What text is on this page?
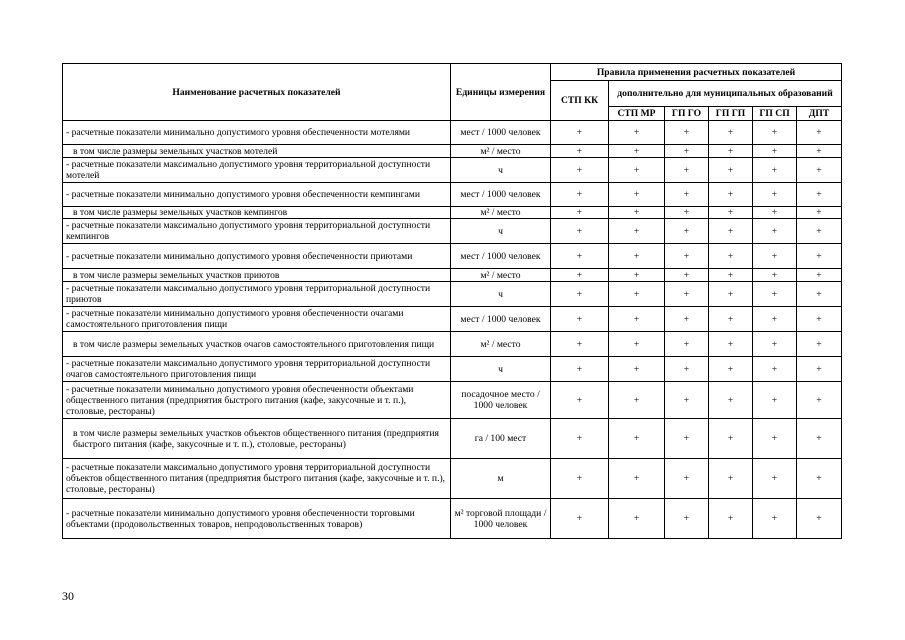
Наименование расчетных показателей	Единицы измерения	Правила применения расчетных показателей					
		СТП КК	дополнительно для муниципальных образований				
			СТП МР	ГП ГО	ГП ГП	ГП СП	ДПТ
- расчетные показатели минимально допустимого уровня обеспеченности мотелями	мест / 1000 человек	+	+	+	+	+	+
в том числе размеры земельных участков мотелей	м² / место	+	+	+	+	+	+
- расчетные показатели максимально допустимого уровня территориальной доступности мотелей	ч	+	+	+	+	+	+
- расчетные показатели минимально допустимого уровня обеспеченности кемпингами	мест / 1000 человек	+	+	+	+	+	+
в том числе размеры земельных участков кемпингов	м² / место	+	+	+	+	+	+
- расчетные показатели максимально допустимого уровня территориальной доступности кемпингов	ч	+	+	+	+	+	+
- расчетные показатели минимально допустимого уровня обеспеченности приютами	мест / 1000 человек	+	+	+	+	+	+
в том числе размеры земельных участков приютов	м² / место	+	+	+	+	+	+
- расчетные показатели максимально допустимого уровня территориальной доступности приютов	ч	+	+	+	+	+	+
- расчетные показатели минимально допустимого уровня обеспеченности очагами самостоятельного приготовления пищи	мест / 1000 человек	+	+	+	+	+	+
в том числе размеры земельных участков очагов самостоятельного приготовления пищи	м² / место	+	+	+	+	+	+
- расчетные показатели максимально допустимого уровня территориальной доступности очагов самостоятельного приготовления пищи	ч	+	+	+	+	+	+
- расчетные показатели минимально допустимого уровня обеспеченности объектами общественного питания (предприятия быстрого питания (кафе, закусочные и т. п.), столовые, рестораны)	посадочное место / 1000 человек	+	+	+	+	+	+
в том числе размеры земельных участков объектов общественного питания (предприятия быстрого питания (кафе, закусочные и т. п.), столовые, рестораны)	га / 100 мест	+	+	+	+	+	+
- расчетные показатели максимально допустимого уровня территориальной доступности объектов общественного питания (предприятия быстрого питания (кафе, закусочные и т. п.), столовые, рестораны)	м	+	+	+	+	+	+
- расчетные показатели минимально допустимого уровня обеспеченности торговыми объектами (продовольственных товаров, непродовольственных товаров)	м² торговой площади / 1000 человек	+	+	+	+	+	+
30
